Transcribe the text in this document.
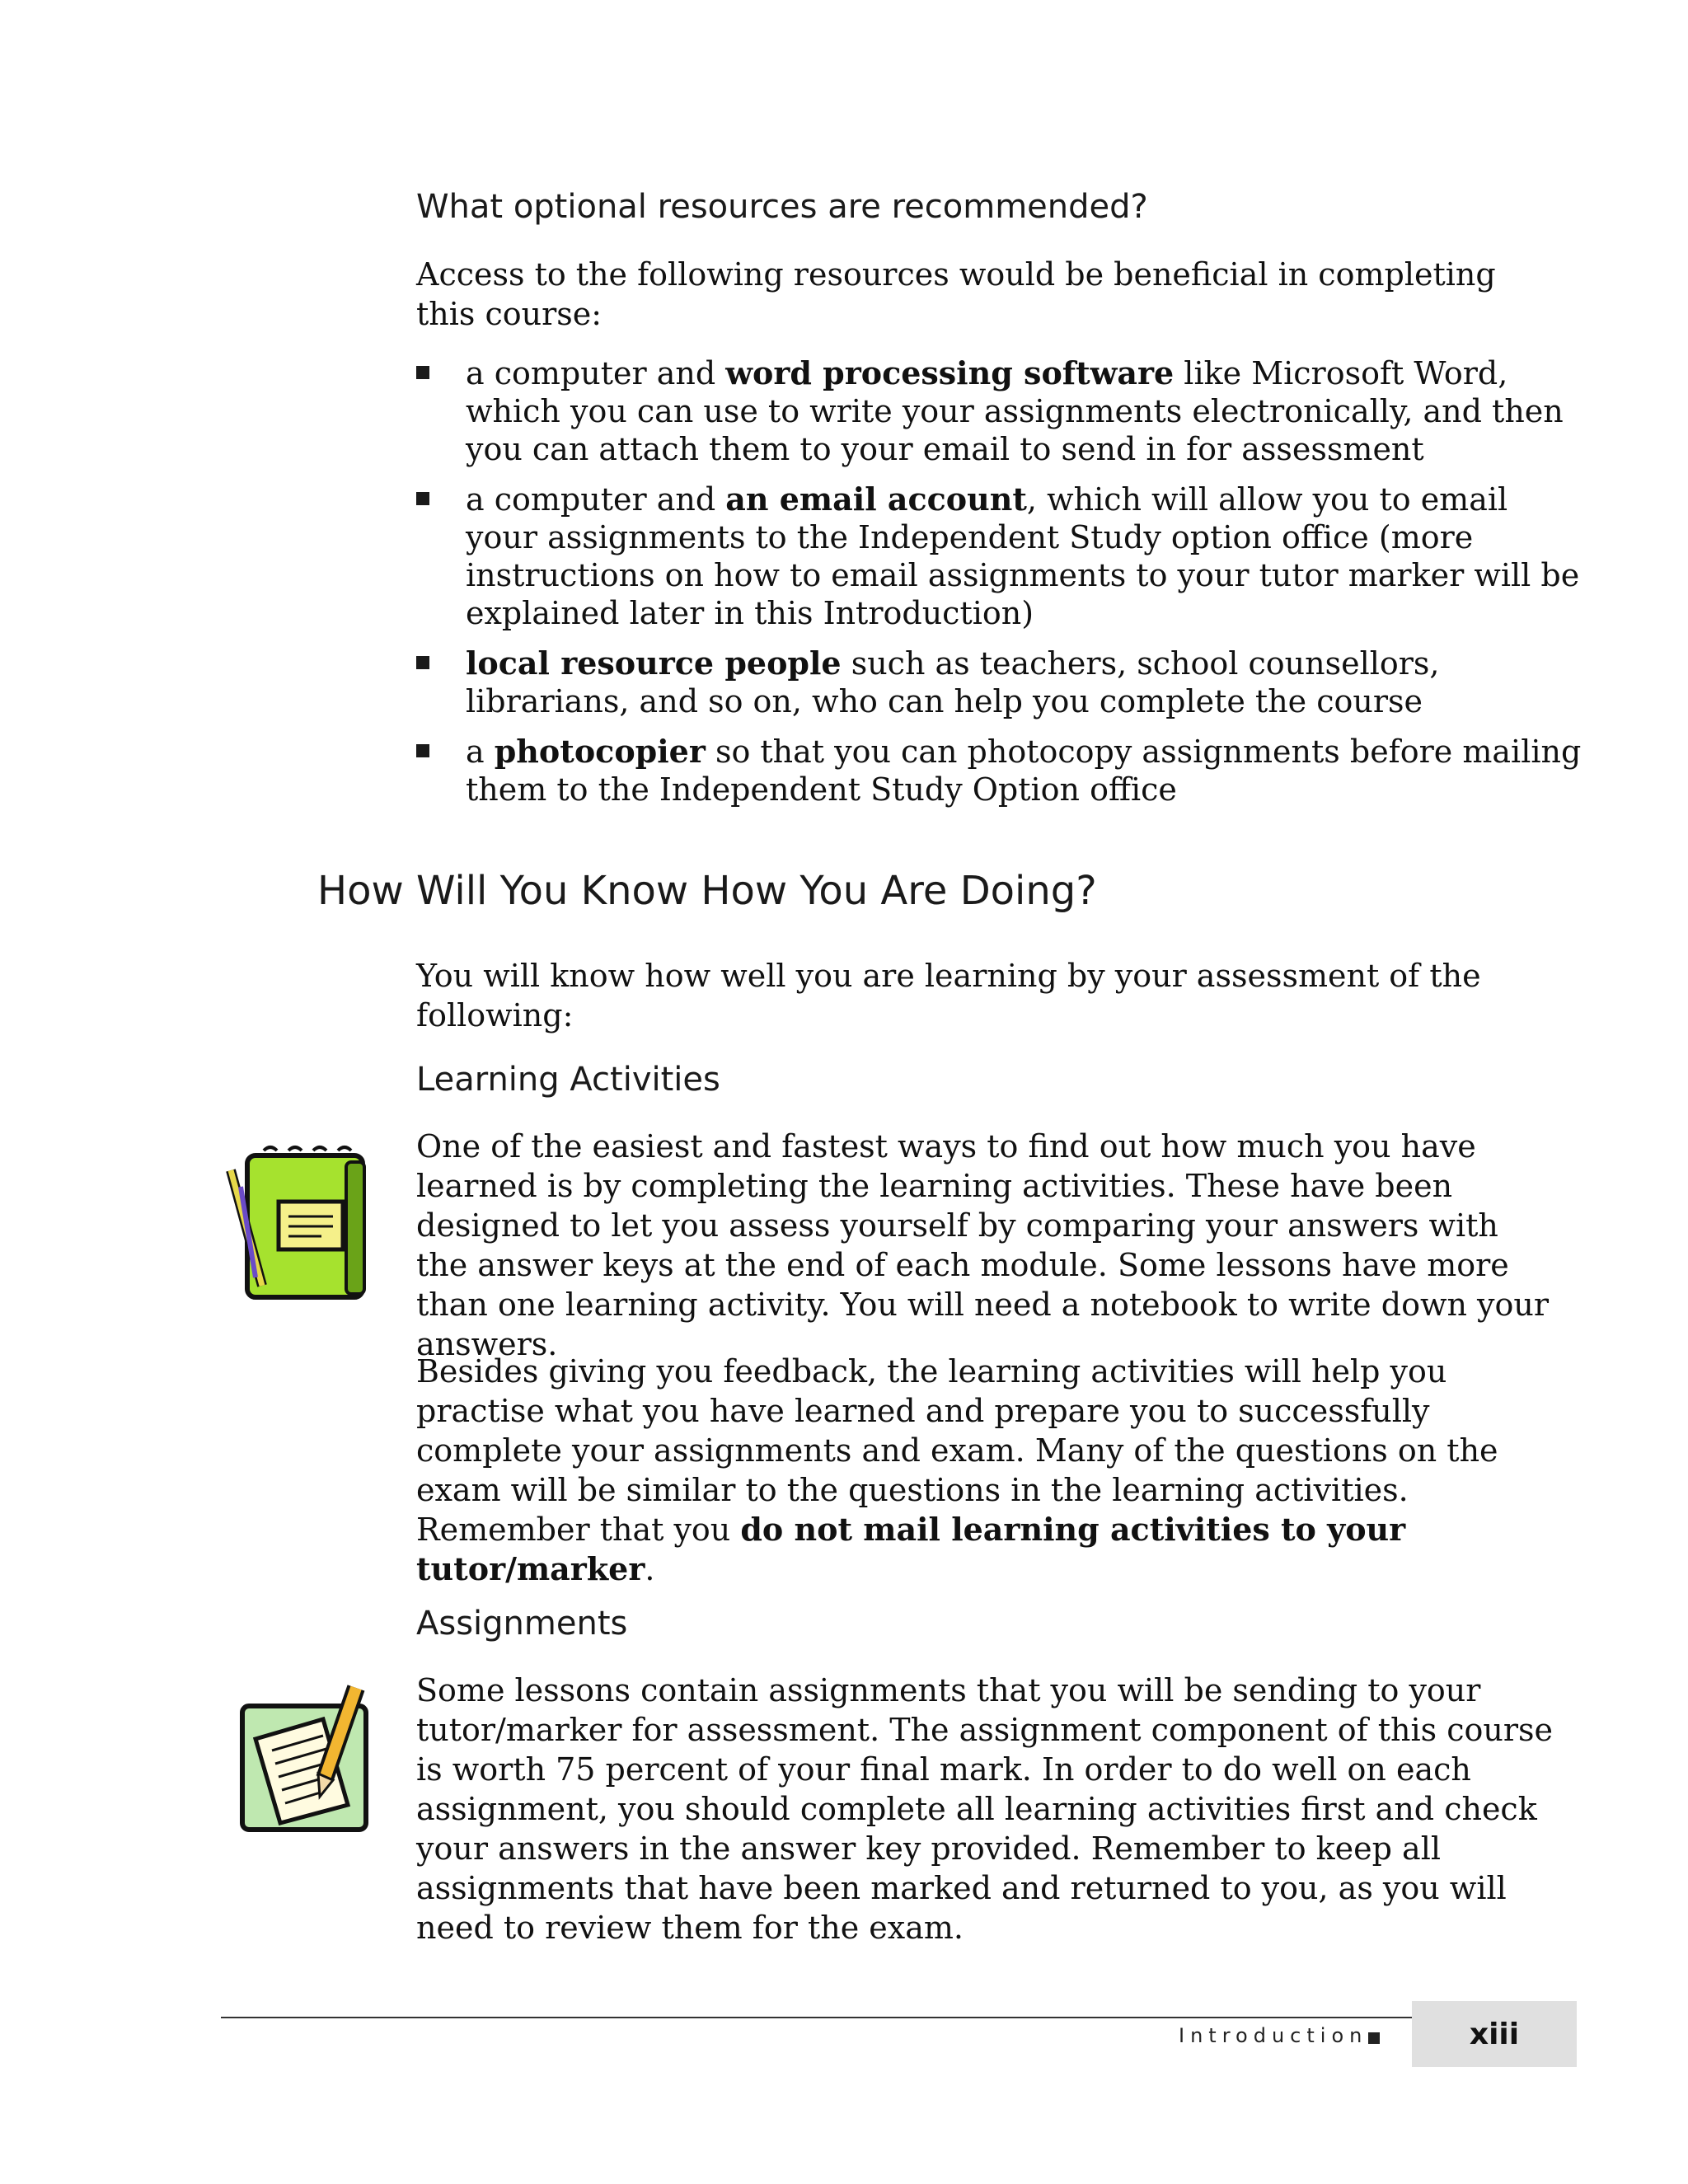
What optional resources are recommended?

Access to the following resources would be beneficial in completing this course:

a computer and word processing software like Microsoft Word, which you can use to write your assignments electronically, and then you can attach them to your email to send in for assessment
a computer and an email account, which will allow you to email your assignments to the Independent Study option office (more instructions on how to email assignments to your tutor marker will be explained later in this Introduction)
local resource people such as teachers, school counsellors, librarians, and so on, who can help you complete the course
a photocopier so that you can photocopy assignments before mailing them to the Independent Study Option office
How Will You Know How You Are Doing?

You will know how well you are learning by your assessment of the following:

Learning Activities

One of the easiest and fastest ways to find out how much you have learned is by completing the learning activities. These have been designed to let you assess yourself by comparing your answers with the answer keys at the end of each module. Some lessons have more than one learning activity. You will need a notebook to write down your answers.

Besides giving you feedback, the learning activities will help you practise what you have learned and prepare you to successfully complete your assignments and exam. Many of the questions on the exam will be similar to the questions in the learning activities. Remember that you do not mail learning activities to your tutor/marker.

Assignments

Some lessons contain assignments that you will be sending to your tutor/marker for assessment. The assignment component of this course is worth 75 percent of your final mark. In order to do well on each assignment, you should complete all learning activities first and check your answers in the answer key provided. Remember to keep all assignments that have been marked and returned to you, as you will need to review them for the exam.

Introduction	xiii
